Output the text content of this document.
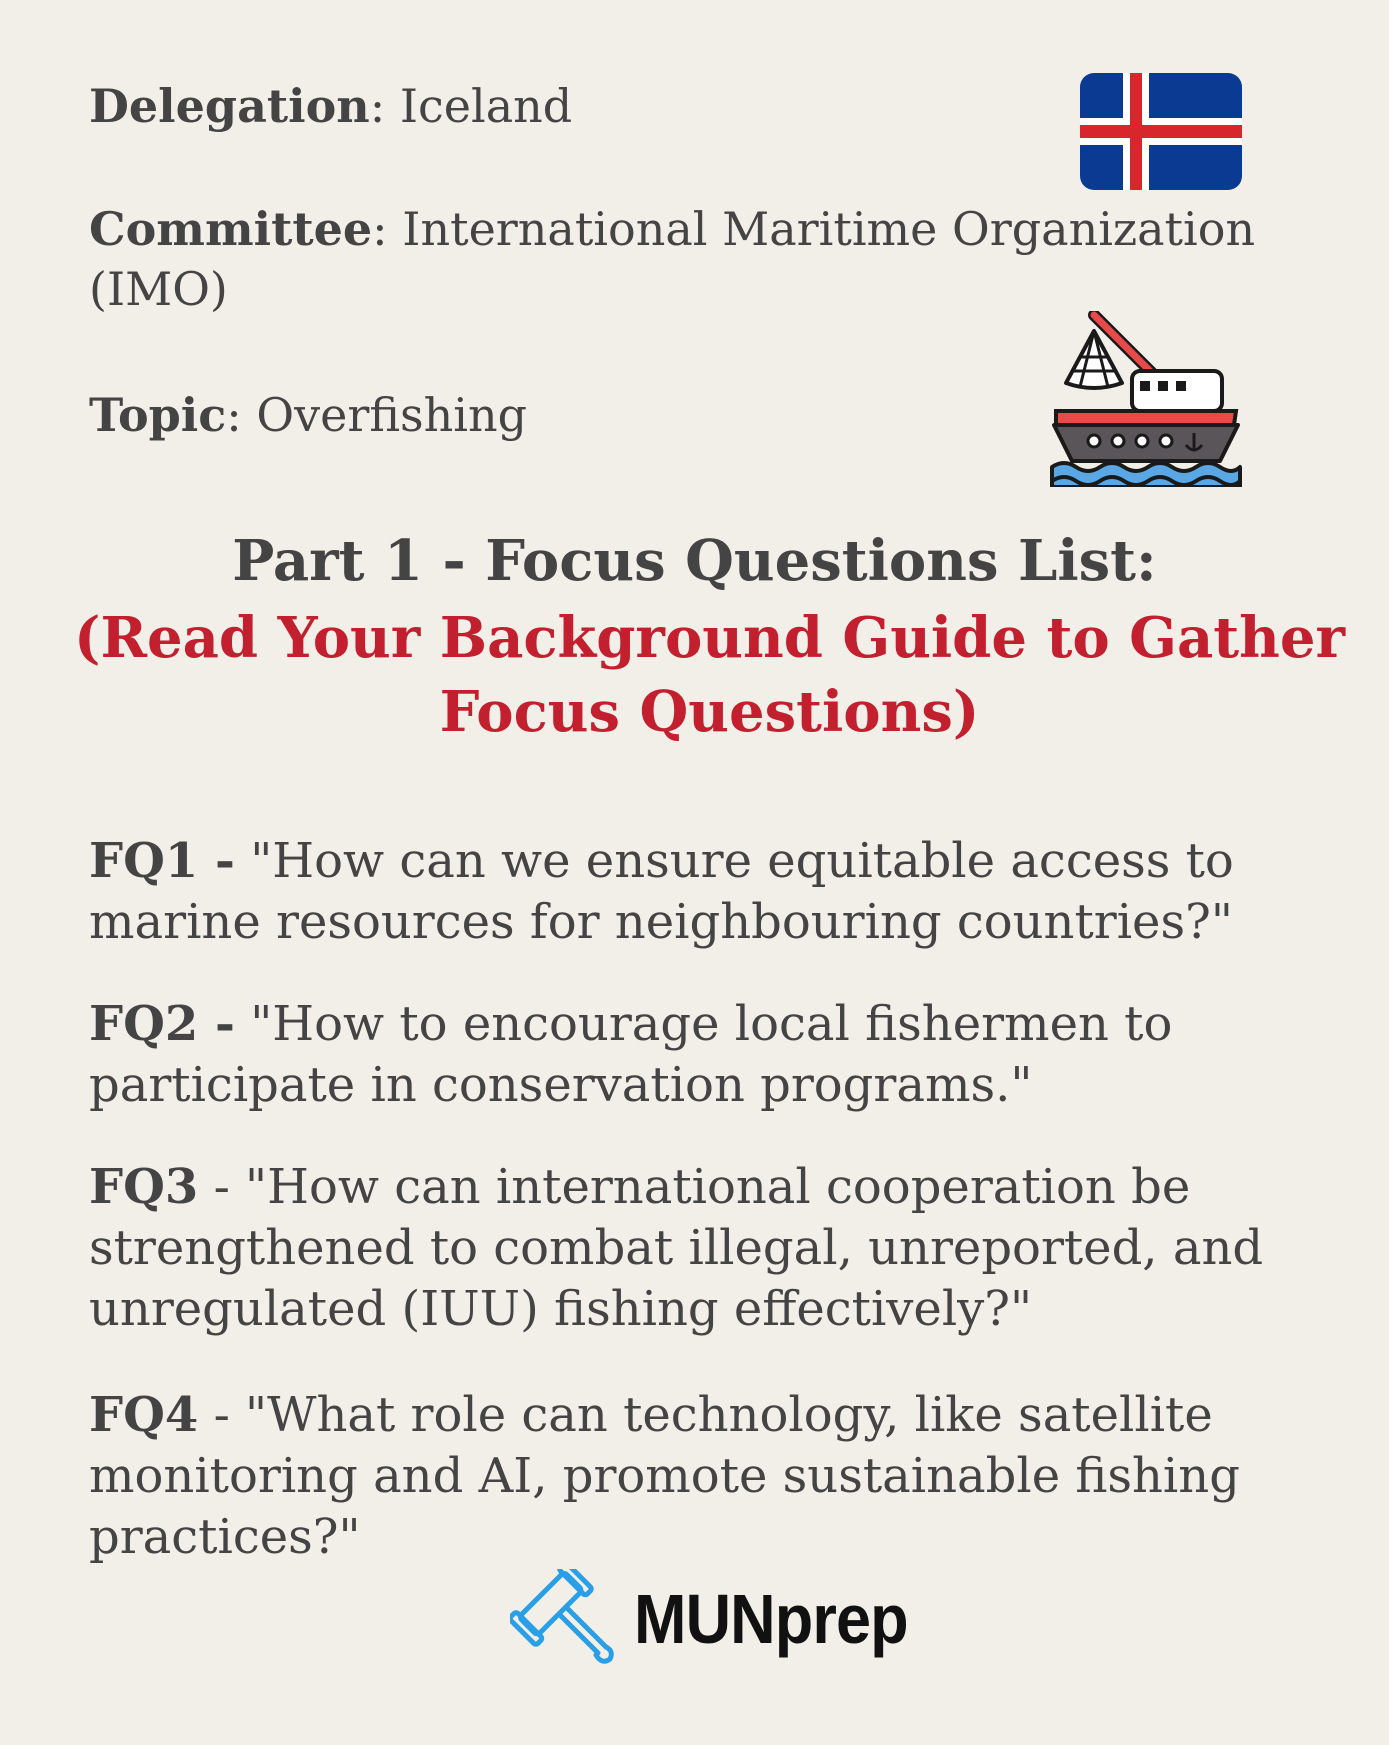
Delegation: Iceland
Committee: International Maritime Organization (IMO)
Topic: Overfishing
Part 1 - Focus Questions List:
(Read Your Background Guide to Gather Focus Questions)
FQ1 - "How can we ensure equitable access to marine resources for neighbouring countries?"
FQ2 - "How to encourage local fishermen to participate in conservation programs."
FQ3 - "How can international cooperation be strengthened to combat illegal, unreported, and unregulated (IUU) fishing effectively?"
FQ4 - "What role can technology, like satellite monitoring and AI, promote sustainable fishing practices?"
MUNprep
